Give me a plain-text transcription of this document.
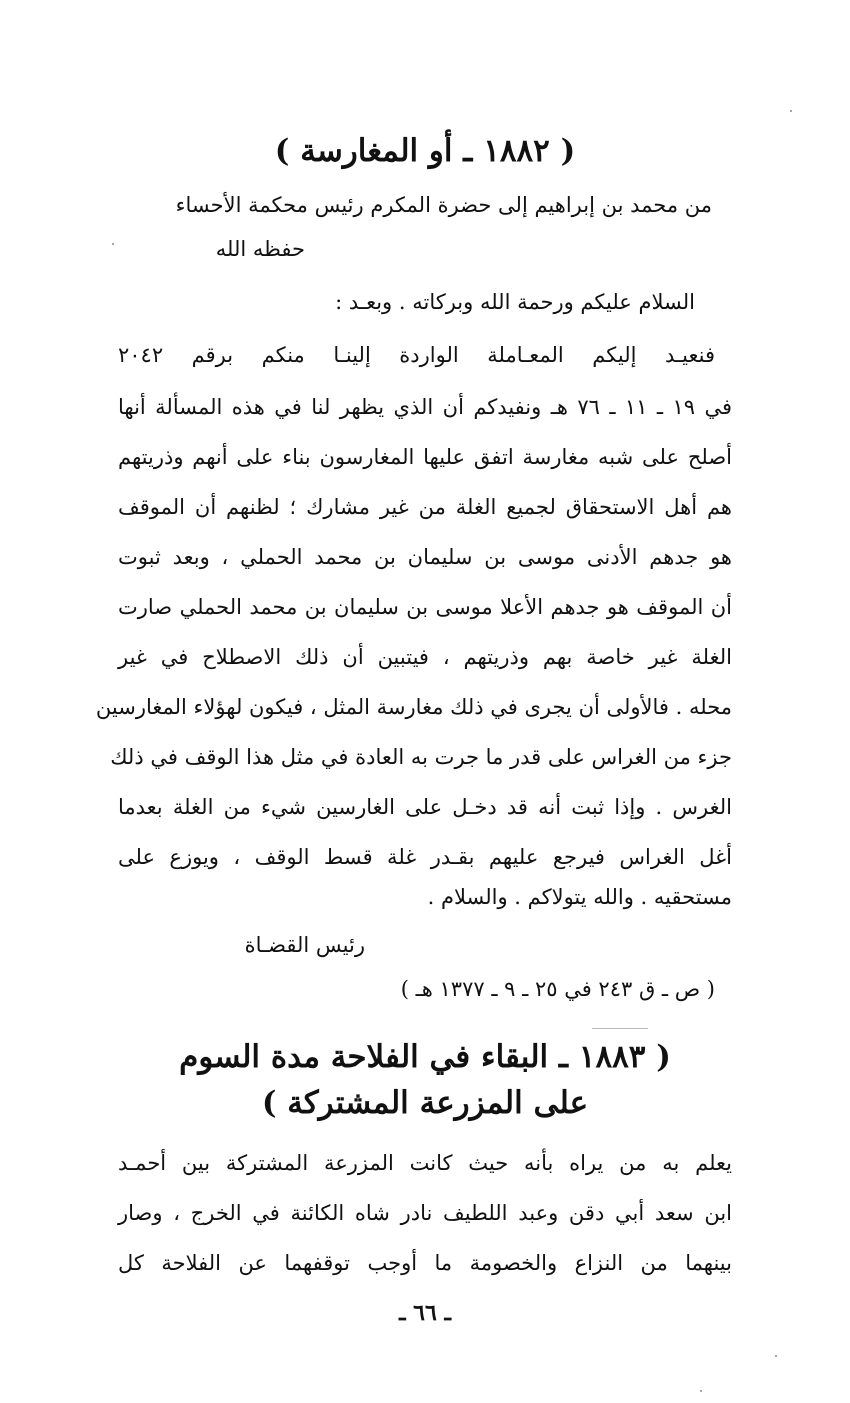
( ١٨٨٢ ـ أو المغارسة )
من محمد بن إبراهيم إلى حضرة المكرم رئيس محكمة الأحساء
حفظه الله
السلام عليكم ورحمة الله وبركاته . وبعـد :
فنعيـد إليكم المعـاملة الواردة إلينـا منكم برقم ٢٠٤٢
في ١٩ ـ ١١ ـ ٧٦ هـ ونفيدكم أن الذي يظهر لنا في هذه المسألة أنها
أصلح على شبه مغارسة اتفق عليها المغارسون بناء على أنهم وذريتهم
هم أهل الاستحقاق لجميع الغلة من غير مشارك ؛ لظنهم أن الموقف
هو جدهم الأدنى موسى بن سليمان بن محمد الحملي ، وبعد ثبوت
أن الموقف هو جدهم الأعلا موسى بن سليمان بن محمد الحملي صارت
الغلة غير خاصة بهم وذريتهم ، فيتبين أن ذلك الاصطلاح في غير
محله . فالأولى أن يجرى في ذلك مغارسة المثل ، فيكون لهؤلاء المغارسين
جزء من الغراس على قدر ما جرت به العادة في مثل هذا الوقف في ذلك
الغرس . وإذا ثبت أنه قد دخـل على الغارسين شيء من الغلة بعدما
أغل الغراس فيرجع عليهم بقـدر غلة قسط الوقف ، ويوزع على
مستحقيه . والله يتولاكم . والسلام .
رئيس القضـاة
( ص ـ ق ٢٤٣ في ٢٥ ـ ٩ ـ ١٣٧٧ هـ )
( ١٨٨٣ ـ البقاء في الفلاحة مدة السوم
على المزرعة المشتركة )
يعلم به من يراه بأنه حيث كانت المزرعة المشتركة بين أحمـد
ابن سعد أبي دقن وعبد اللطيف نادر شاه الكائنة في الخرج ، وصار
بينهما من النزاع والخصومة ما أوجب توقفهما عن الفلاحة كل
ـ ٦٦ ـ
